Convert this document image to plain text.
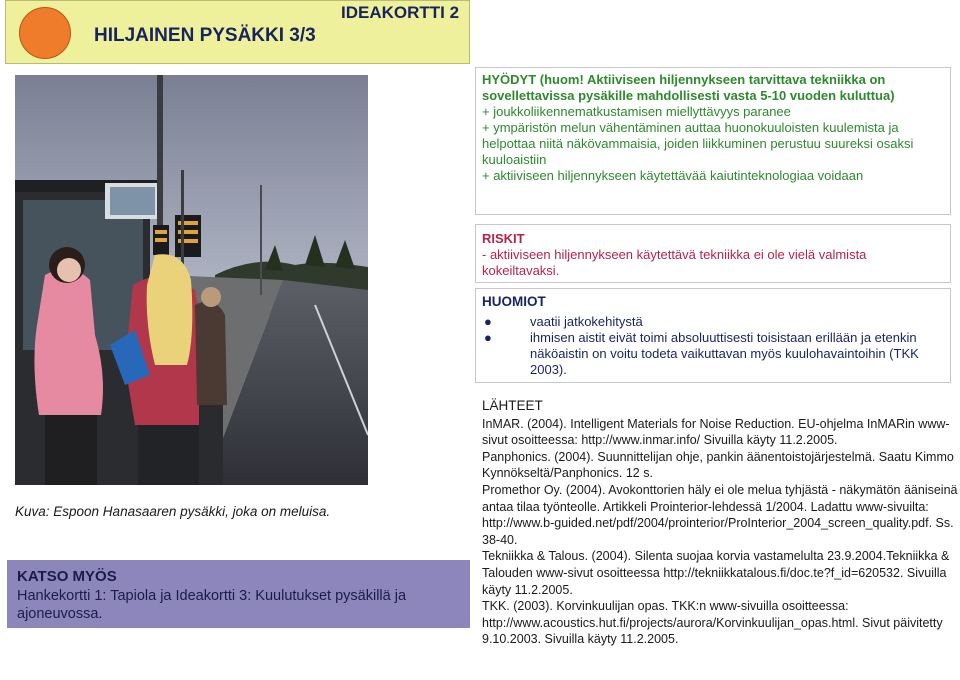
HILJAINEN PYSÄKKI 3/3
IDEAKORTTI 2
Kuva: Espoon Hanasaaren pysäkki, joka on meluisa.
KATSO MYÖS
Hankekortti 1: Tapiola ja Ideakortti 3: Kuulutukset pysäkillä ja ajoneuvossa.
HYÖDYT (huom! Aktiiviseen hiljennykseen tarvittava tekniikka on sovellettavissa pysäkille mahdollisesti vasta 5-10 vuoden kuluttua)
+ joukkoliikennematkustamisen miellyttävyys paranee
+ ympäristön melun vähentäminen auttaa huonokuuloisten kuulemista ja helpottaa niitä näkövammaisia, joiden liikkuminen perustuu suureksi osaksi kuuloaistiin
+ aktiiviseen hiljennykseen käytettävää kaiutinteknologiaa voidaan
RISKIT
- aktiiviseen hiljennykseen käytettävä tekniikka ei ole vielä valmista kokeiltavaksi.
HUOMIOT
●	vaatii jatkokehitystä
●	ihmisen aistit eivät toimi absoluuttisesti toisistaan erillään ja etenkin näköaistin on voitu todeta vaikuttavan myös kuulohavaintoihin (TKK 2003).
LÄHTEET

InMAR. (2004). Intelligent Materials for Noise Reduction. EU-ohjelma InMARin www-sivut osoitteessa: http://www.inmar.info/ Sivuilla käyty 11.2.2005.

Panphonics. (2004). Suunnittelijan ohje, pankin äänentoistojärjestelmä. Saatu Kimmo Kynnökseltä/Panphonics. 12 s.

Promethor Oy. (2004). Avokonttorien häly ei ole melua tyhjästä - näkymätön ääniseinä antaa tilaa työnteolle. Artikkeli Prointerior-lehdessä 1/2004. Ladattu www-sivuilta: http://www.b-guided.net/pdf/2004/prointerior/ProInterior_2004_screen_quality.pdf. Ss. 38-40.

Tekniikka & Talous. (2004). Silenta suojaa korvia vastamelulta 23.9.2004.Tekniikka & Talouden www-sivut osoitteessa http://tekniikkatalous.fi/doc.te?f_id=620532. Sivuilla käyty 11.2.2005.

TKK. (2003). Korvinkuulijan opas. TKK:n www-sivuilla osoitteessa: http://www.acoustics.hut.fi/projects/aurora/Korvinkuulijan_opas.html. Sivut päivitetty 9.10.2003. Sivuilla käyty 11.2.2005.
